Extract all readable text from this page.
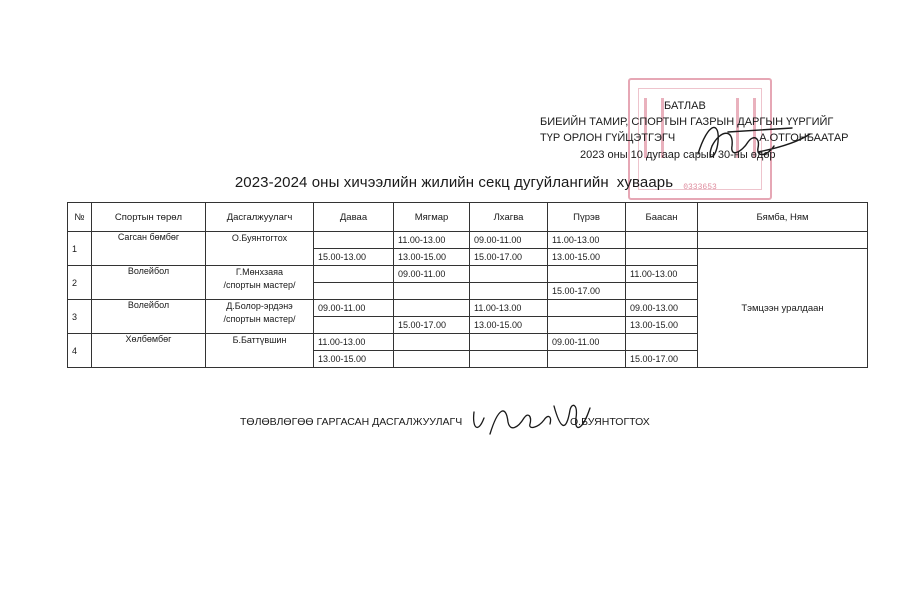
0333653
БАТЛАВ
БИЕИЙН ТАМИР, СПОРТЫН ГАЗРЫН ДАРГЫН ҮҮРГИЙГ
ТҮР ОРЛОН ГҮЙЦЭТГЭГЧ	А.ОТГОНБААТАР
2023 оны 10 дугаар сарын 30-ны өдөр
2023-2024 оны хичээлийн жилийн секц дугуйлангийн хуваарь
№	Спортын төрөл	Дасгалжуулагч	Даваа	Мягмар	Лхагва	Пүрэв	Баасан	Бямба, Ням
1	Сагсан бөмбөг	О.Буянтогтох		11.00-13.00	09.00-11.00	11.00-13.00		
			15.00-13.00	13.00-15.00	15.00-17.00	13.00-15.00		Тэмцээн уралдаан
2	Волейбол	Г.Мөнхзаяа
/спортын мастер/		09.00-11.00			11.00-13.00	
						15.00-17.00		
3	Волейбол	Д.Болор-эрдэнэ
/спортын мастер/	09.00-11.00		11.00-13.00		09.00-13.00	
				15.00-17.00	13.00-15.00		13.00-15.00	
4	Хөлбөмбөг	Б.Баттүвшин	11.00-13.00			09.00-11.00		
			13.00-15.00				15.00-17.00	
ТӨЛӨВЛӨГӨӨ ГАРГАСАН ДАСГАЛЖУУЛАГЧ	О.БУЯНТОГТОХ
